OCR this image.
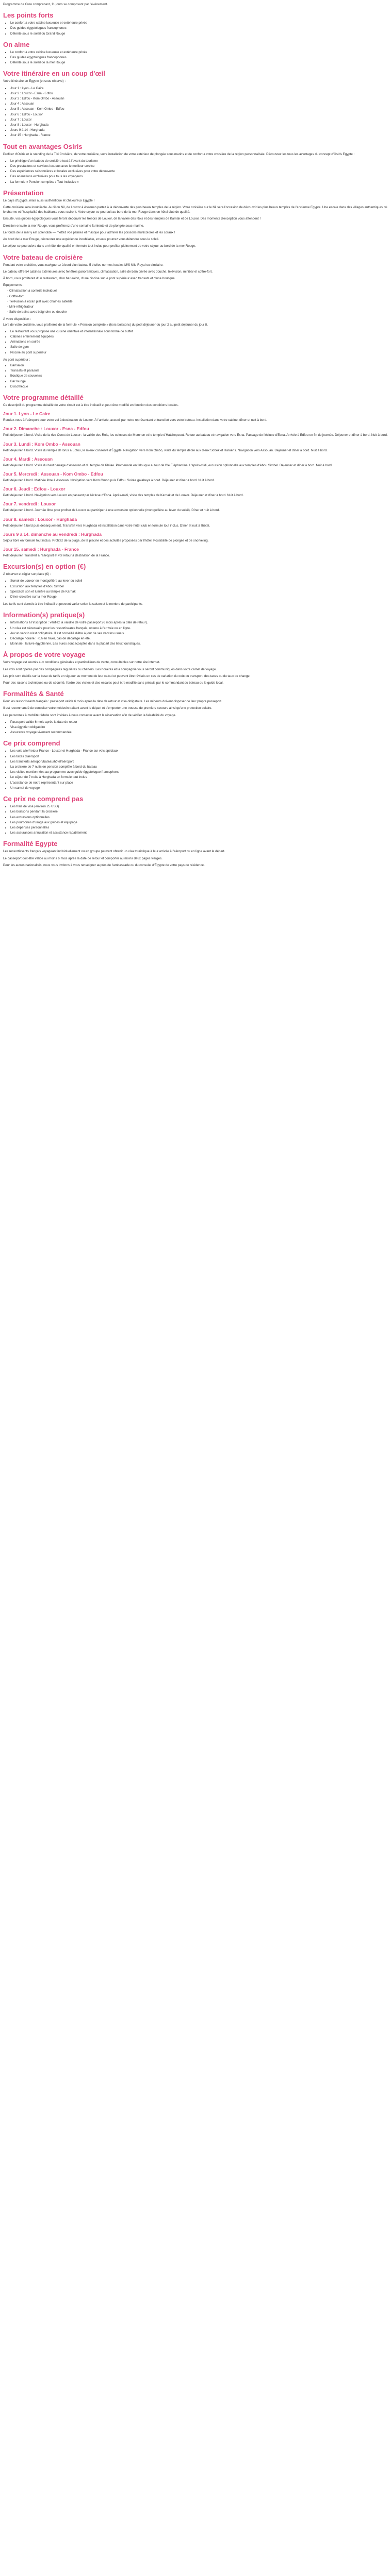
Programme de Cure comprenant, 11 jours se composant par l'événement.

Les points forts
• Le confort à votre cabine luxueuse et extérieure privée
• Des guides égyptologues francophones
• Détente sous le soleil du Grand Rouge
On aime
• Le confort à votre cabine luxueuse et extérieure privée
• Des guides égyptologues francophones
• Détente sous le soleil de la mer Rouge
Votre itinéraire en un coup d'œil

Votre itinéraire en Egypte (et sous réserve) :

• Jour 1 : Lyon - Le Caire
• Jour 2 : Louxor - Esna - Edfou
• Jour 3 : Edfou - Kom Ombo - Assouan
• Jour 4 : Assouan
• Jour 5 : Assouan - Kom Ombo - Edfou
• Jour 6 : Edfou - Louxor
• Jour 7 : Louxor
• Jour 8 : Louxor - Hurghada
• Jours 9 à 14 : Hurghada
• Jour 15 : Hurghada - France
Tout en avantages Osiris

Profitez d'Osiris et le standing de la Tiki Croisière, de votre croisière, votre installation de votre extérieur de plongée sous marins et de confort à votre croisière de la région personnalisée. Découvrez les tous les avantages du concept d'Osiris Egypte :

• Le privilège d'un bateau de croisière tout à l'avant du tourisme
• Des prestations et services luxueux avec le meilleur service
• Des expériences saisonnières et locales exclusives pour votre découverte
• Des animations exclusives pour tous les voyageurs
• La formule « Pension complète / Tout Inclusive »
Présentation

Le pays d'Egypte, mais aussi authentique et chaleureux Egypte !

Cette croisière sera inoubliable. Au fil du Nil, de Louxor à Assouan partez à la découverte des plus beaux temples de la région. Votre croisière sur le Nil sera l'occasion de découvrir les plus beaux temples de l'ancienne Egypte. Une escale dans des villages authentiques où le charme et l'hospitalité des habitants vous raviront. Votre séjour se poursuit au bord de la mer Rouge dans un hôtel club de qualité.

Ensuite, vos guides égyptologues vous feront découvrir les trésors de Louxor, de la vallée des Rois et des temples de Karnak et de Louxor. Des moments d'exception vous attendent !

Direction ensuite la mer Rouge, vous profiterez d'une semaine farniente et de plongée sous-marine.

Le fonds de la mer y est splendide — mettez vos palmes et masque pour admirer les poissons multicolores et les coraux !

Au bord de la mer Rouge, découvrez une expérience inoubliable, et vous pourrez vous détendre sous le soleil.

Le séjour se poursuivra dans un hôtel de qualité en formule tout inclus pour profiter pleinement de votre séjour au bord de la mer Rouge.

Votre bateau de croisière

Pendant votre croisière, vous naviguerez à bord d'un bateau 5 étoiles normes locales M/S Nile Royal ou similaire.

Le bateau offre 54 cabines extérieures avec fenêtres panoramiques, climatisation, salle de bain privée avec douche, télévision, minibar et coffre-fort.

À bord, vous profiterez d'un restaurant, d'un bar-salon, d'une piscine sur le pont supérieur avec transats et d'une boutique.

Équipements :

◦ Climatisation à contrôle individuel
◦ Coffre-fort
◦ Télévision à écran plat avec chaînes satellite
◦ Mini-réfrigérateur
◦ Salle de bains avec baignoire ou douche

À votre disposition :

Lors de votre croisière, vous profiterez de la formule « Pension complète » (hors boissons) du petit déjeuner du jour 2 au petit déjeuner du jour 8.

• Le restaurant vous propose une cuisine orientale et internationale sous forme de buffet
• Cabines entièrement équipées
• Animations en soirée
• Salle de gym
• Piscine au pont supérieur

Au pont supérieur :

• Bar/salon
• Transats et parasols
• Boutique de souvenirs
• Bar lounge
• Discothèque
Votre programme détaillé

Ce descriptif du programme détaillé de votre circuit est à titre indicatif et peut être modifié en fonction des conditions locales.

Jour 1. Lyon - Le Caire

Rendez-vous à l'aéroport pour votre vol à destination de Louxor. À l'arrivée, accueil par notre représentant et transfert vers votre bateau. Installation dans votre cabine, dîner et nuit à bord.

Jour 2. Dimanche : Louxor - Esna - Edfou

Petit déjeuner à bord. Visite de la rive Ouest de Louxor : la vallée des Rois, les colosses de Memnon et le temple d'Hatchepsout. Retour au bateau et navigation vers Esna. Passage de l'écluse d'Esna. Arrivée à Edfou en fin de journée. Déjeuner et dîner à bord. Nuit à bord.

Jour 3. Lundi : Kom Ombo - Assouan

Petit déjeuner à bord. Visite du temple d'Horus à Edfou, le mieux conservé d'Égypte. Navigation vers Kom Ombo, visite du temple dédié aux dieux Sobek et Haroëris. Navigation vers Assouan. Déjeuner et dîner à bord. Nuit à bord.

Jour 4. Mardi : Assouan

Petit déjeuner à bord. Visite du haut barrage d'Assouan et du temple de Philae. Promenade en felouque autour de l'île Éléphantine. L'après-midi, excursion optionnelle aux temples d'Abou Simbel. Déjeuner et dîner à bord. Nuit à bord.

Jour 5. Mercredi : Assouan - Kom Ombo - Edfou

Petit déjeuner à bord. Matinée libre à Assouan. Navigation vers Kom Ombo puis Edfou. Soirée galabeya à bord. Déjeuner et dîner à bord. Nuit à bord.

Jour 6. Jeudi : Edfou - Louxor

Petit déjeuner à bord. Navigation vers Louxor en passant par l'écluse d'Esna. Après-midi, visite des temples de Karnak et de Louxor. Déjeuner et dîner à bord. Nuit à bord.

Jour 7. vendredi : Louxor

Petit déjeuner à bord. Journée libre pour profiter de Louxor ou participer à une excursion optionnelle (montgolfière au lever du soleil). Dîner et nuit à bord.

Jour 8. samedi : Louxor - Hurghada

Petit déjeuner à bord puis débarquement. Transfert vers Hurghada et installation dans votre hôtel club en formule tout inclus. Dîner et nuit à l'hôtel.

Jours 9 à 14. dimanche au vendredi : Hurghada

Séjour libre en formule tout inclus. Profitez de la plage, de la piscine et des activités proposées par l'hôtel. Possibilité de plongée et de snorkeling.

Jour 15. samedi : Hurghada - France

Petit déjeuner. Transfert à l'aéroport et vol retour à destination de la France.

Excursion(s) en option (€)

À réserver et régler sur place (€) :

• Survol de Louxor en montgolfière au lever du soleil
• Excursion aux temples d'Abou Simbel
• Spectacle son et lumière au temple de Karnak
• Dîner-croisière sur la mer Rouge

Les tarifs sont donnés à titre indicatif et peuvent varier selon la saison et le nombre de participants.

Information(s) pratique(s)
• Informations à l'inscription : vérifiez la validité de votre passeport (6 mois après la date de retour).
• Un visa est nécessaire pour les ressortissants français, obtenu à l'arrivée ou en ligne.
• Aucun vaccin n'est obligatoire. Il est conseillé d'être à jour de ses vaccins usuels.
• Décalage horaire : +1h en hiver, pas de décalage en été.
• Monnaie : la livre égyptienne. Les euros sont acceptés dans la plupart des lieux touristiques.
À propos de votre voyage

Votre voyage est soumis aux conditions générales et particulières de vente, consultables sur notre site internet.

Les vols sont opérés par des compagnies régulières ou charters. Les horaires et la compagnie vous seront communiqués dans votre carnet de voyage.

Les prix sont établis sur la base de tarifs en vigueur au moment de leur calcul et peuvent être révisés en cas de variation du coût du transport, des taxes ou du taux de change.

Pour des raisons techniques ou de sécurité, l'ordre des visites et des escales peut être modifié sans préavis par le commandant du bateau ou le guide local.

Formalités & Santé

Pour les ressortissants français : passeport valide 6 mois après la date de retour et visa obligatoire. Les mineurs doivent disposer de leur propre passeport.

Il est recommandé de consulter votre médecin traitant avant le départ et d'emporter une trousse de premiers secours ainsi qu'une protection solaire.

Les personnes à mobilité réduite sont invitées à nous contacter avant la réservation afin de vérifier la faisabilité du voyage.

• Passeport valide 6 mois après la date de retour
• Visa égyptien obligatoire
• Assurance voyage vivement recommandée
Ce prix comprend
• Les vols aller/retour France - Louxor et Hurghada - France sur vols spéciaux
• Les taxes d'aéroport
• Les transferts aéroport/bateau/hôtel/aéroport
• La croisière de 7 nuits en pension complète à bord du bateau
• Les visites mentionnées au programme avec guide égyptologue francophone
• Le séjour de 7 nuits à Hurghada en formule tout inclus
• L'assistance de notre représentant sur place
• Un carnet de voyage
Ce prix ne comprend pas
• Les frais de visa (environ 25 USD)
• Les boissons pendant la croisière
• Les excursions optionnelles
• Les pourboires d'usage aux guides et équipage
• Les dépenses personnelles
• Les assurances annulation et assistance rapatriement
Formalité Egypte

Les ressortissants français voyageant individuellement ou en groupe peuvent obtenir un visa touristique à leur arrivée à l'aéroport ou en ligne avant le départ.

Le passeport doit être valide au moins 6 mois après la date de retour et comporter au moins deux pages vierges.

Pour les autres nationalités, nous vous invitons à vous renseigner auprès de l'ambassade ou du consulat d'Égypte de votre pays de résidence.
